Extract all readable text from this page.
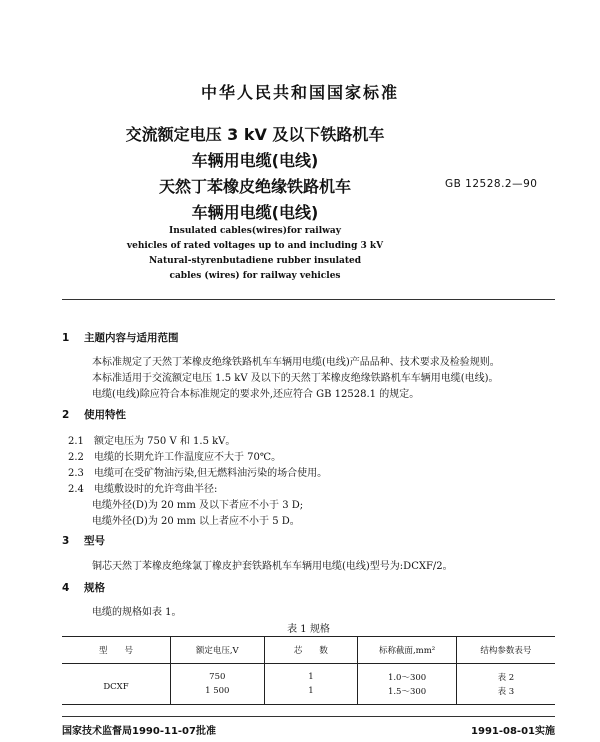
中华人民共和国国家标准
交流额定电压 3 kV 及以下铁路机车
车辆用电缆(电线)
天然丁苯橡皮绝缘铁路机车
车辆用电缆(电线)
GB 12528.2—90
Insulated cables(wires)for railway
vehicles of rated voltages up to and including 3 kV
Natural-styrenbutadiene rubber insulated
cables (wires) for railway vehicles
1 主题内容与适用范围
本标准规定了天然丁苯橡皮绝缘铁路机车车辆用电缆(电线)产品品种、技术要求及检验规则。
本标准适用于交流额定电压 1.5 kV 及以下的天然丁苯橡皮绝缘铁路机车车辆用电缆(电线)。
电缆(电线)除应符合本标准规定的要求外,还应符合 GB 12528.1 的规定。
2 使用特性
2.1 额定电压为 750 V 和 1.5 kV。
2.2 电缆的长期允许工作温度应不大于 70℃。
2.3 电缆可在受矿物油污染,但无燃料油污染的场合使用。
2.4 电缆敷设时的允许弯曲半径:
电缆外径(D)为 20 mm 及以下者应不小于 3 D;
电缆外径(D)为 20 mm 以上者应不小于 5 D。
3 型号
铜芯天然丁苯橡皮绝缘氯丁橡皮护套铁路机车车辆用电缆(电线)型号为:DCXF/2。
4 规格
电缆的规格如表 1。
表 1 规格
型　　号	额定电压,V	芯　　数	标称截面,mm²	结构参数表号
DCXF	750	1	1.0～300	表 2
	1 500	1	1.5～300	表 3
国家技术监督局1990-11-07批准	1991-08-01实施
